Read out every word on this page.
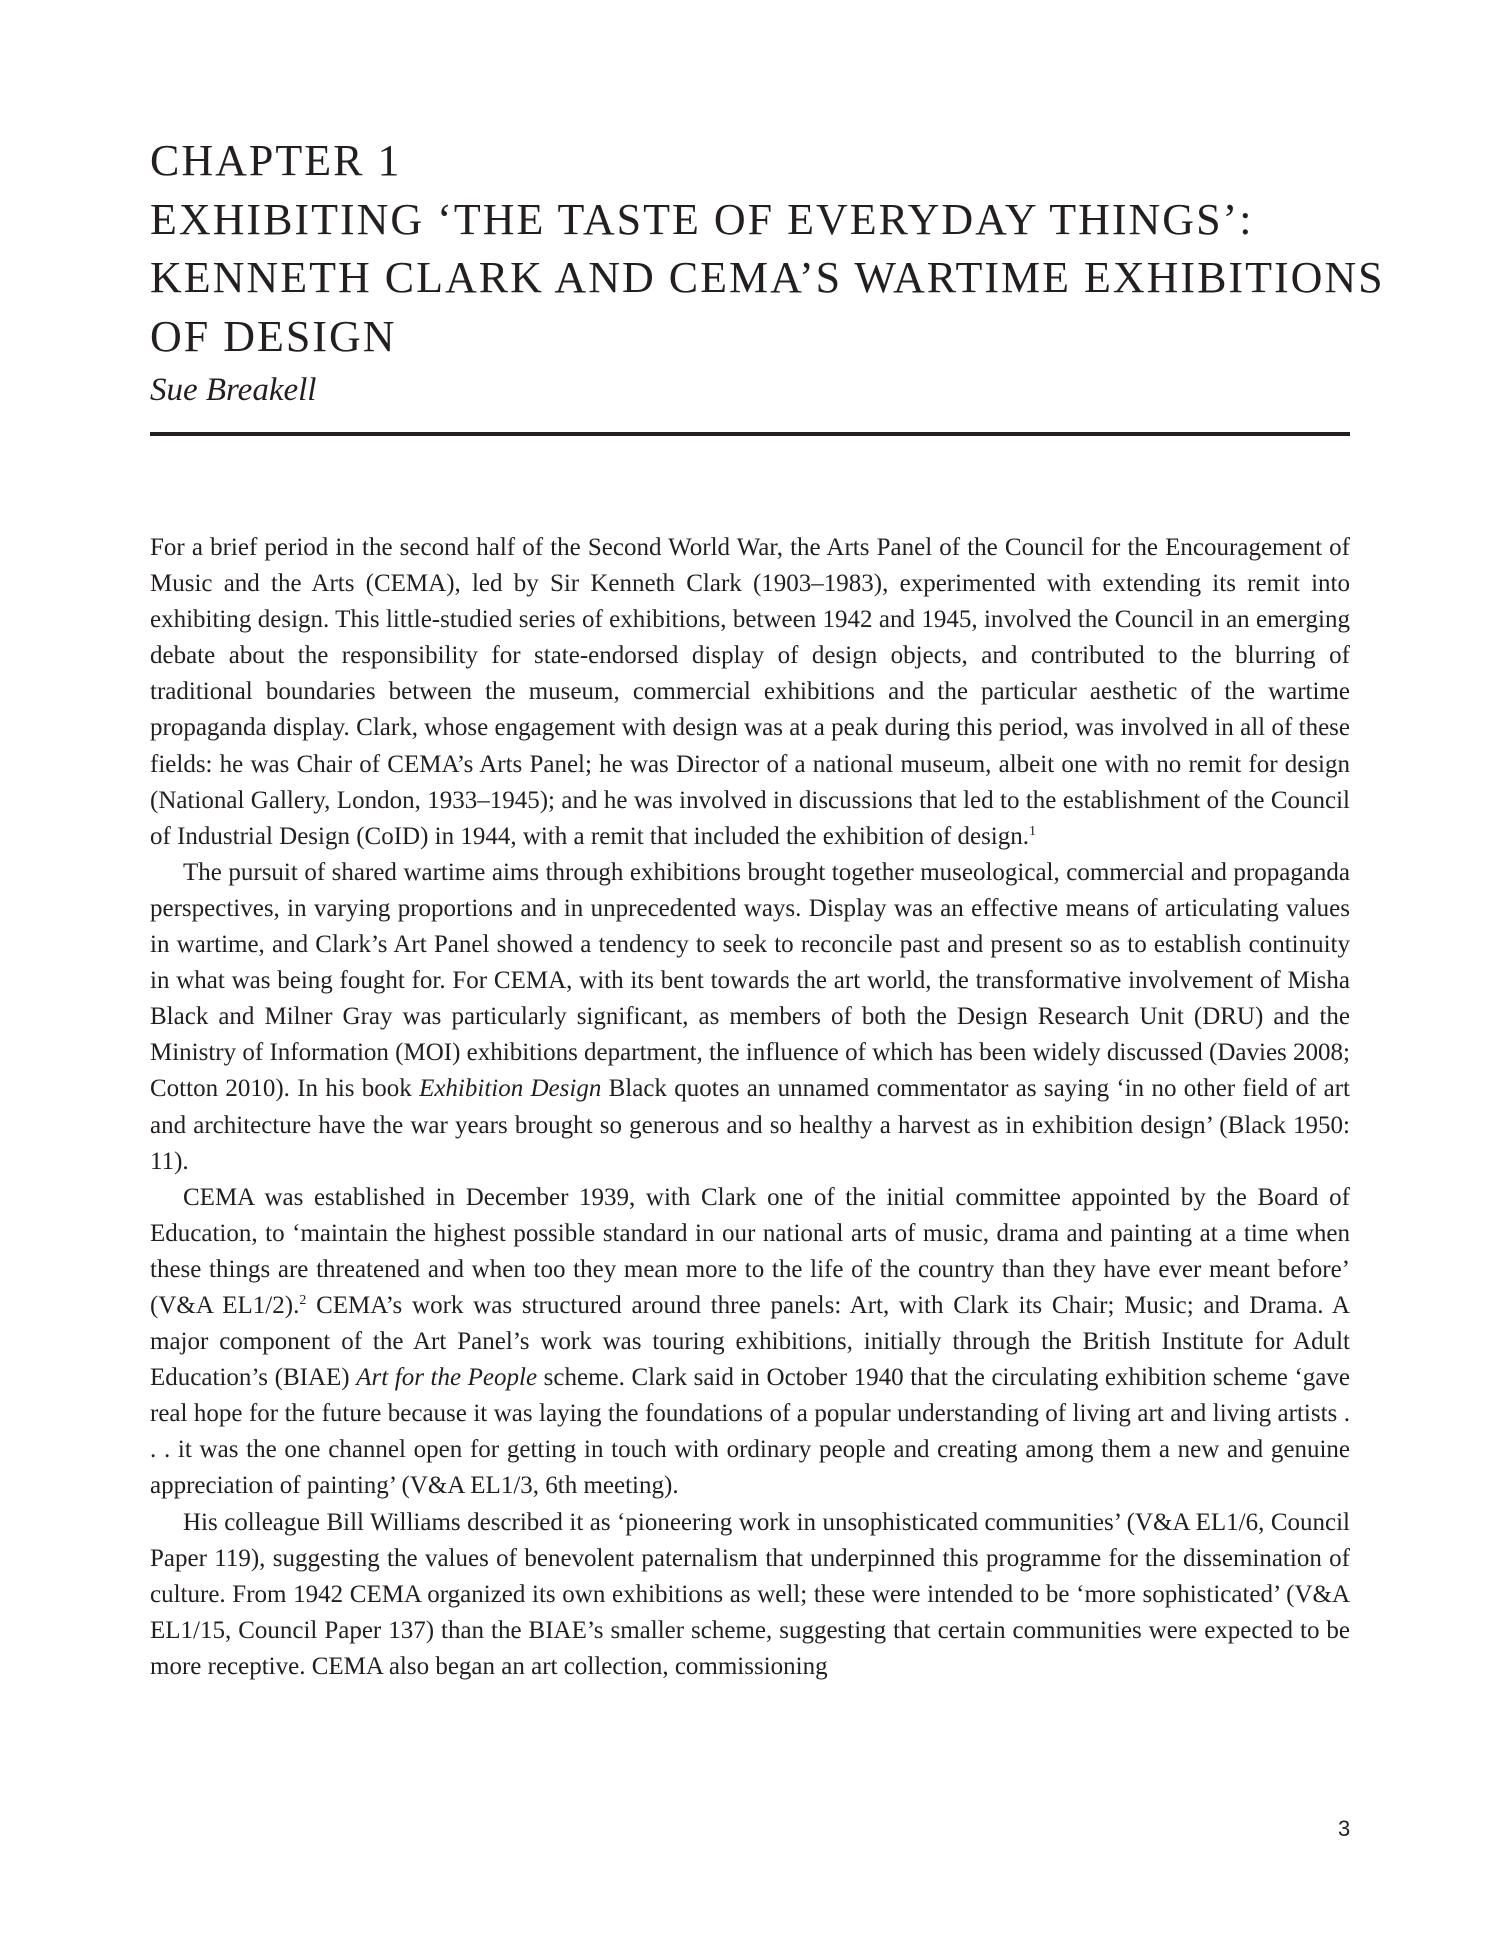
CHAPTER 1
EXHIBITING ‘THE TASTE OF EVERYDAY THINGS’:
KENNETH CLARK AND CEMA’S WARTIME EXHIBITIONS
OF DESIGN
Sue Breakell

For a brief period in the second half of the Second World War, the Arts Panel of the Council for the Encouragement of Music and the Arts (CEMA), led by Sir Kenneth Clark (1903–1983), experimented with extending its remit into exhibiting design. This little-studied series of exhibitions, between 1942 and 1945, involved the Council in an emerging debate about the responsibility for state-endorsed display of design objects, and contributed to the blurring of traditional boundaries between the museum, commercial exhibitions and the particular aesthetic of the wartime propaganda display. Clark, whose engagement with design was at a peak during this period, was involved in all of these fields: he was Chair of CEMA’s Arts Panel; he was Director of a national museum, albeit one with no remit for design (National Gallery, London, 1933–1945); and he was involved in discussions that led to the establishment of the Council of Industrial Design (CoID) in 1944, with a remit that included the exhibition of design.$^1$

The pursuit of shared wartime aims through exhibitions brought together museological, commercial and propaganda perspectives, in varying proportions and in unprecedented ways. Display was an effective means of articulating values in wartime, and Clark’s Art Panel showed a tendency to seek to reconcile past and present so as to establish continuity in what was being fought for. For CEMA, with its bent towards the art world, the transformative involvement of Misha Black and Milner Gray was particularly significant, as members of both the Design Research Unit (DRU) and the Ministry of Information (MOI) exhibitions department, the influence of which has been widely discussed (Davies 2008; Cotton 2010). In his book Exhibition Design Black quotes an unnamed commentator as saying ‘in no other field of art and architecture have the war years brought so generous and so healthy a harvest as in exhibition design’ (Black 1950: 11).

CEMA was established in December 1939, with Clark one of the initial committee appointed by the Board of Education, to ‘maintain the highest possible standard in our national arts of music, drama and painting at a time when these things are threatened and when too they mean more to the life of the country than they have ever meant before’ (V&A EL1/2).$^2$ CEMA’s work was structured around three panels: Art, with Clark its Chair; Music; and Drama. A major component of the Art Panel’s work was touring exhibitions, initially through the British Institute for Adult Education’s (BIAE) Art for the People scheme. Clark said in October 1940 that the circulating exhibition scheme ‘gave real hope for the future because it was laying the foundations of a popular understanding of living art and living artists . . . it was the one channel open for getting in touch with ordinary people and creating among them a new and genuine appreciation of painting’ (V&A EL1/3, 6th meeting).

His colleague Bill Williams described it as ‘pioneering work in unsophisticated communities’ (V&A EL1/6, Council Paper 119), suggesting the values of benevolent paternalism that underpinned this programme for the dissemination of culture. From 1942 CEMA organized its own exhibitions as well; these were intended to be ‘more sophisticated’ (V&A EL1/15, Council Paper 137) than the BIAE’s smaller scheme, suggesting that certain communities were expected to be more receptive. CEMA also began an art collection, commissioning

3
